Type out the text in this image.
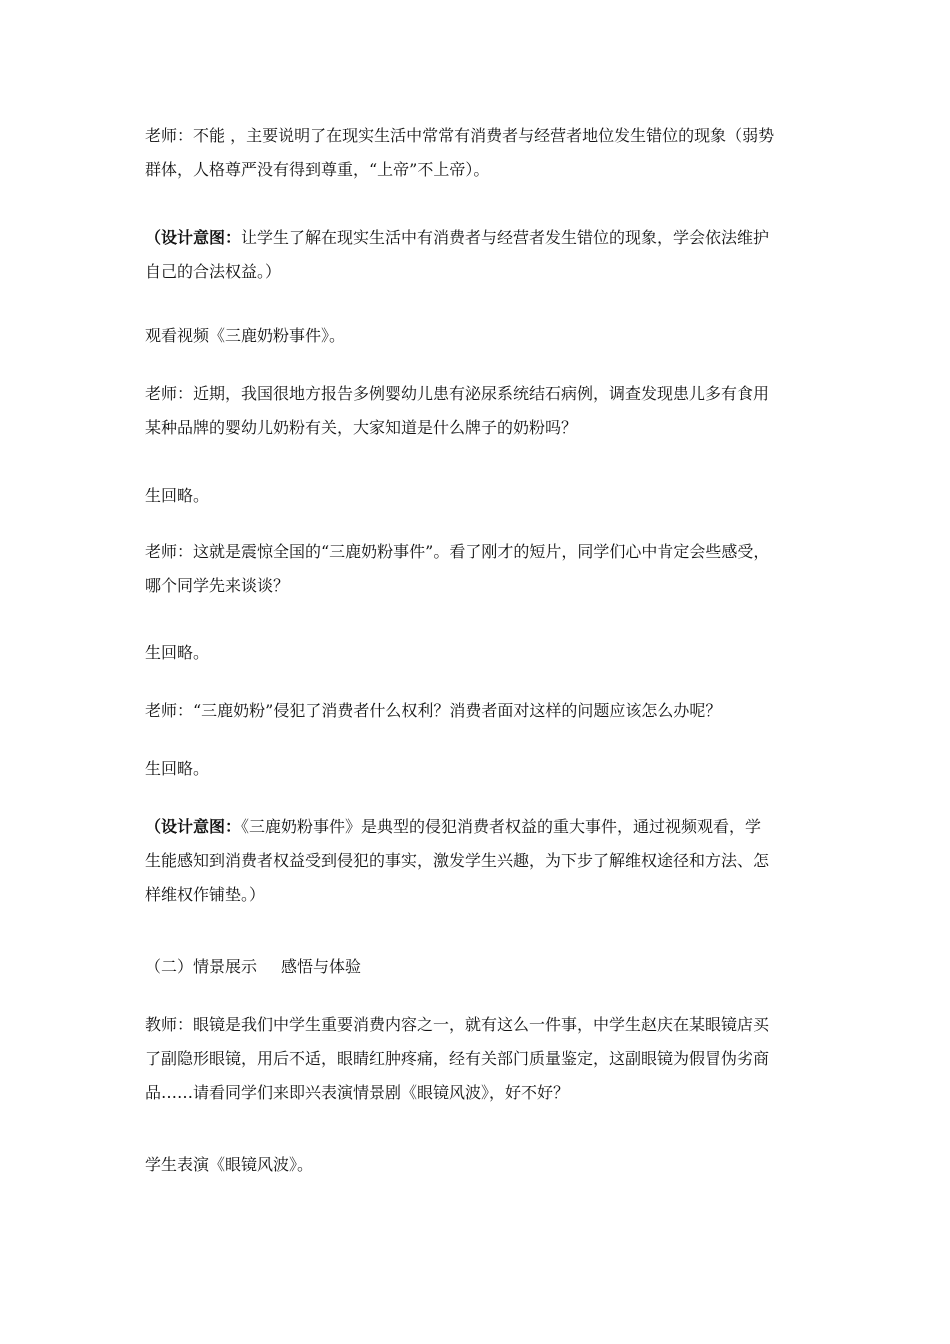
老师：不能 ，主要说明了在现实生活中常常有消费者与经营者地位发生错位的现象（弱势
群体，人格尊严没有得到尊重，“上帝”不上帝）。

（设计意图：让学生了解在现实生活中有消费者与经营者发生错位的现象，学会依法维护
自己的合法权益。）

观看视频《三鹿奶粉事件》。

老师：近期，我国很地方报告多例婴幼儿患有泌尿系统结石病例，调查发现患儿多有食用
某种品牌的婴幼儿奶粉有关，大家知道是什么牌子的奶粉吗？

生回略。

老师：这就是震惊全国的“三鹿奶粉事件”。看了刚才的短片，同学们心中肯定会些感受，
哪个同学先来谈谈？

生回略。

老师：“三鹿奶粉”侵犯了消费者什么权利？消费者面对这样的问题应该怎么办呢？

生回略。

（设计意图：《三鹿奶粉事件》是典型的侵犯消费者权益的重大事件，通过视频观看，学
生能感知到消费者权益受到侵犯的事实，激发学生兴趣，为下步了解维权途径和方法、怎
样维权作铺垫。）

（二）情景展示 感悟与体验

教师：眼镜是我们中学生重要消费内容之一，就有这么一件事，中学生赵庆在某眼镜店买
了副隐形眼镜，用后不适，眼睛红肿疼痛，经有关部门质量鉴定，这副眼镜为假冒伪劣商
品……请看同学们来即兴表演情景剧《眼镜风波》，好不好？

学生表演《眼镜风波》。
